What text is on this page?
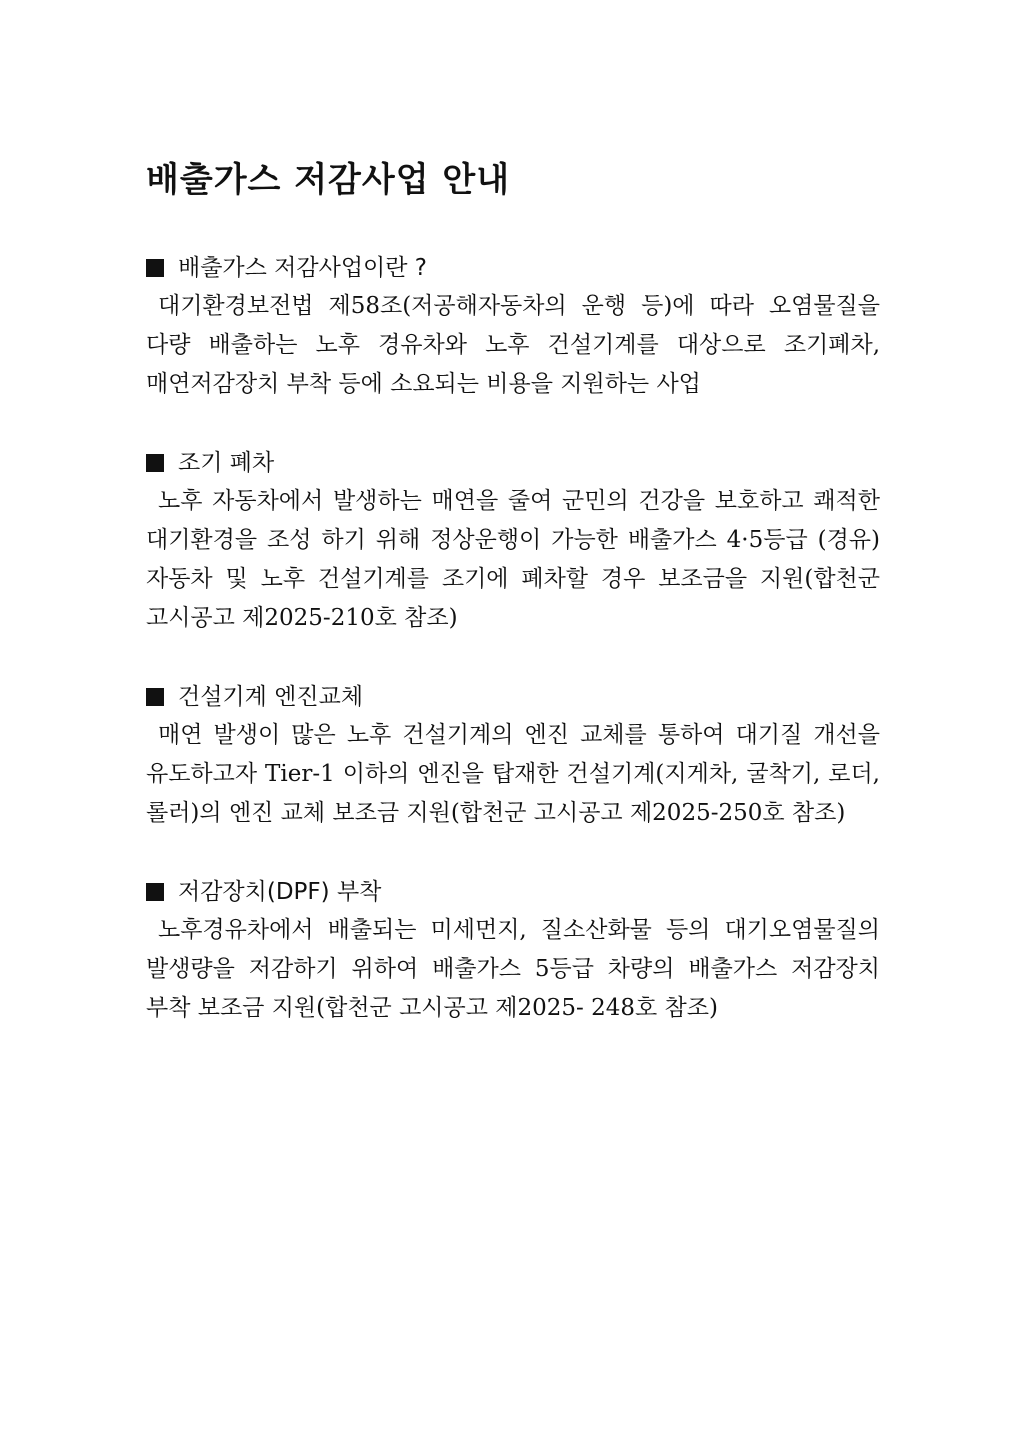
배출가스 저감사업 안내

배출가스 저감사업이란 ?

대기환경보전법 제58조(저공해자동차의 운행 등)에 따라 오염물질을 다량 배출하는 노후 경유차와 노후 건설기계를 대상으로 조기폐차, 매연저감장치 부착 등에 소요되는 비용을 지원하는 사업

조기 폐차

노후 자동차에서 발생하는 매연을 줄여 군민의 건강을 보호하고 쾌적한 대기환경을 조성 하기 위해 정상운행이 가능한 배출가스 4·5등급 (경유)자동차 및 노후 건설기계를 조기에 폐차할 경우 보조금을 지원(합천군 고시공고 제2025-210호 참조)

건설기계 엔진교체

매연 발생이 많은 노후 건설기계의 엔진 교체를 통하여 대기질 개선을 유도하고자 Tier-1 이하의 엔진을 탑재한 건설기계(지게차, 굴착기, 로더, 롤러)의 엔진 교체 보조금 지원(합천군 고시공고 제2025-250호 참조)

저감장치(DPF) 부착

노후경유차에서 배출되는 미세먼지, 질소산화물 등의 대기오염물질의 발생량을 저감하기 위하여 배출가스 5등급 차량의 배출가스 저감장치 부착 보조금 지원(합천군 고시공고 제2025- 248호 참조)
